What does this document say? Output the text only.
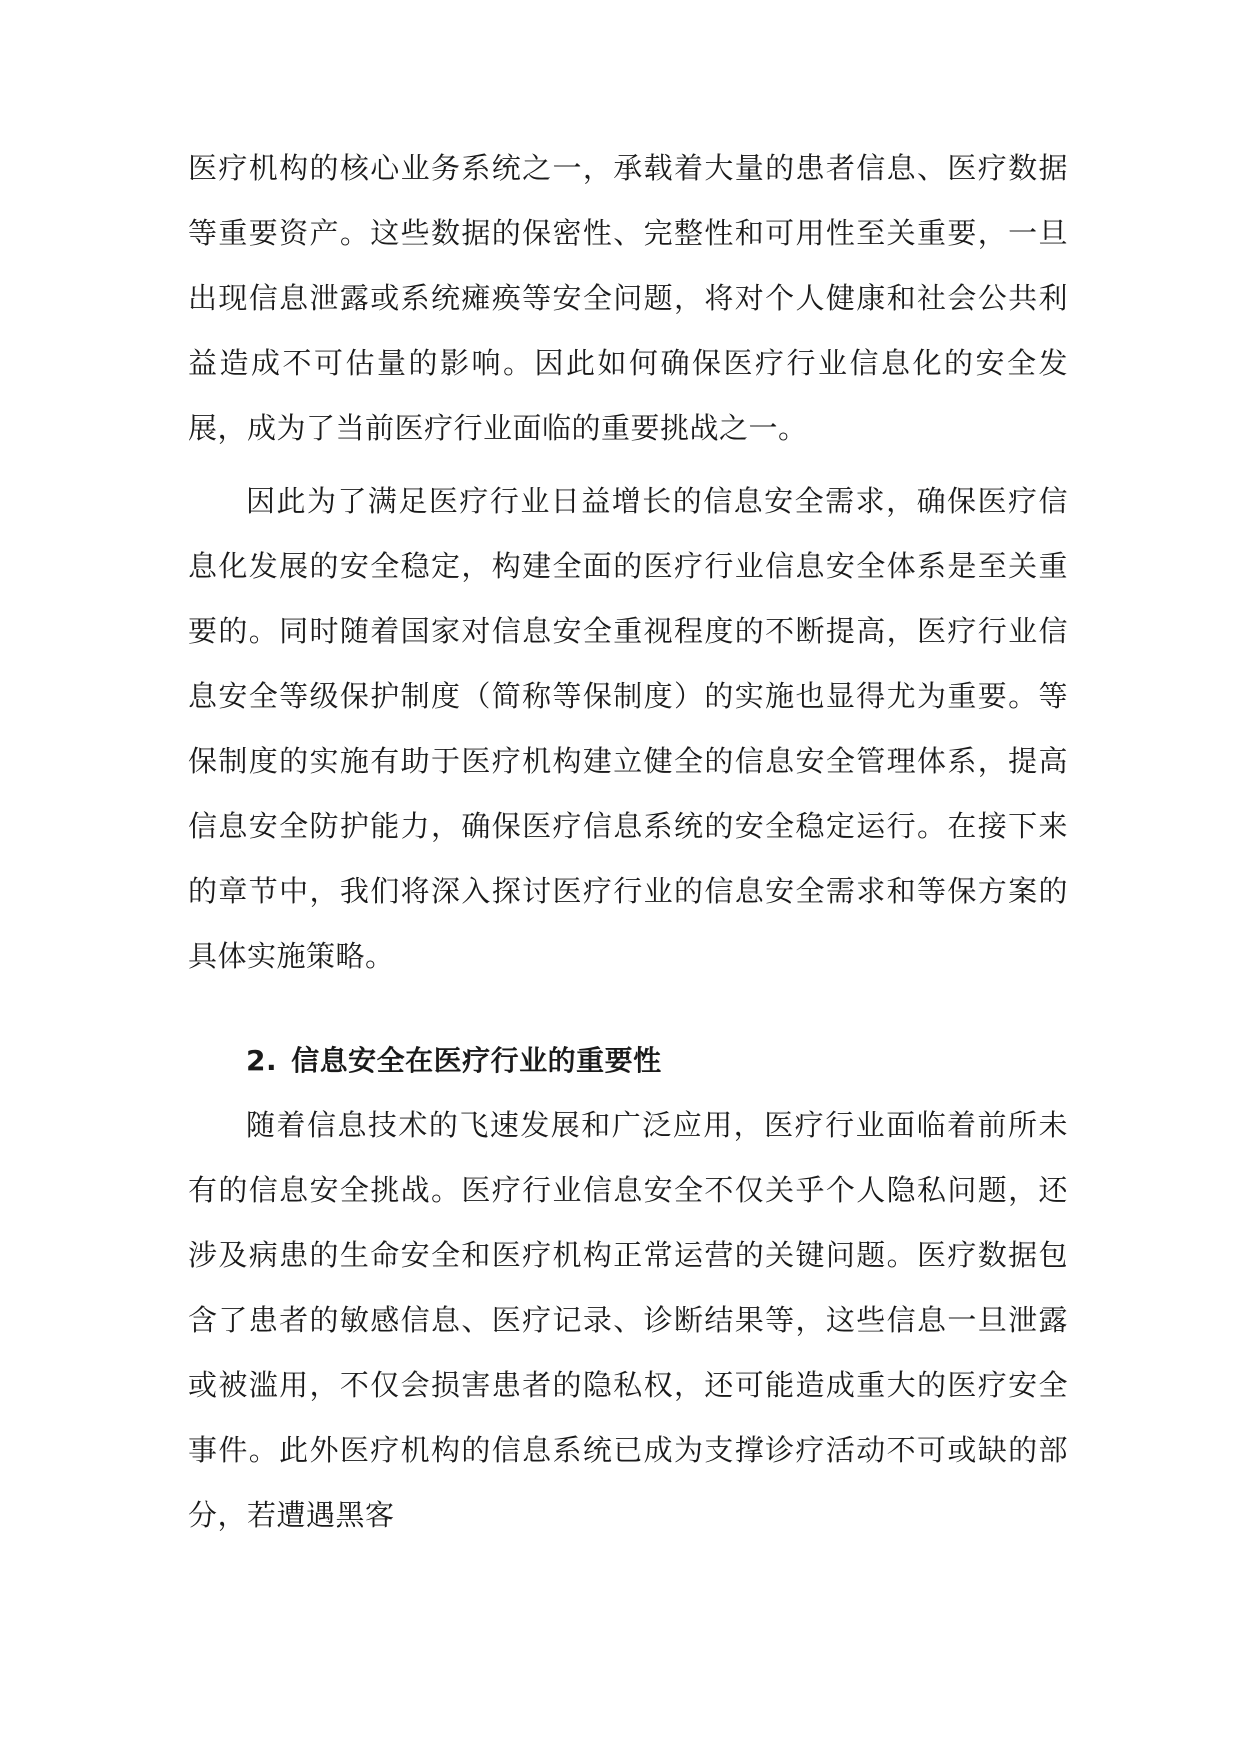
医疗机构的核心业务系统之一，承载着大量的患者信息、医疗数据等重要资产。这些数据的保密性、完整性和可用性至关重要，一旦出现信息泄露或系统瘫痪等安全问题，将对个人健康和社会公共利益造成不可估量的影响。因此如何确保医疗行业信息化的安全发展，成为了当前医疗行业面临的重要挑战之一。

因此为了满足医疗行业日益增长的信息安全需求，确保医疗信息化发展的安全稳定，构建全面的医疗行业信息安全体系是至关重要的。同时随着国家对信息安全重视程度的不断提高，医疗行业信息安全等级保护制度（简称等保制度）的实施也显得尤为重要。等保制度的实施有助于医疗机构建立健全的信息安全管理体系，提高信息安全防护能力，确保医疗信息系统的安全稳定运行。在接下来的章节中，我们将深入探讨医疗行业的信息安全需求和等保方案的具体实施策略。

2. 信息安全在医疗行业的重要性

随着信息技术的飞速发展和广泛应用，医疗行业面临着前所未有的信息安全挑战。医疗行业信息安全不仅关乎个人隐私问题，还涉及病患的生命安全和医疗机构正常运营的关键问题。医疗数据包含了患者的敏感信息、医疗记录、诊断结果等，这些信息一旦泄露或被滥用，不仅会损害患者的隐私权，还可能造成重大的医疗安全事件。此外医疗机构的信息系统已成为支撑诊疗活动不可或缺的部分，若遭遇黑客
